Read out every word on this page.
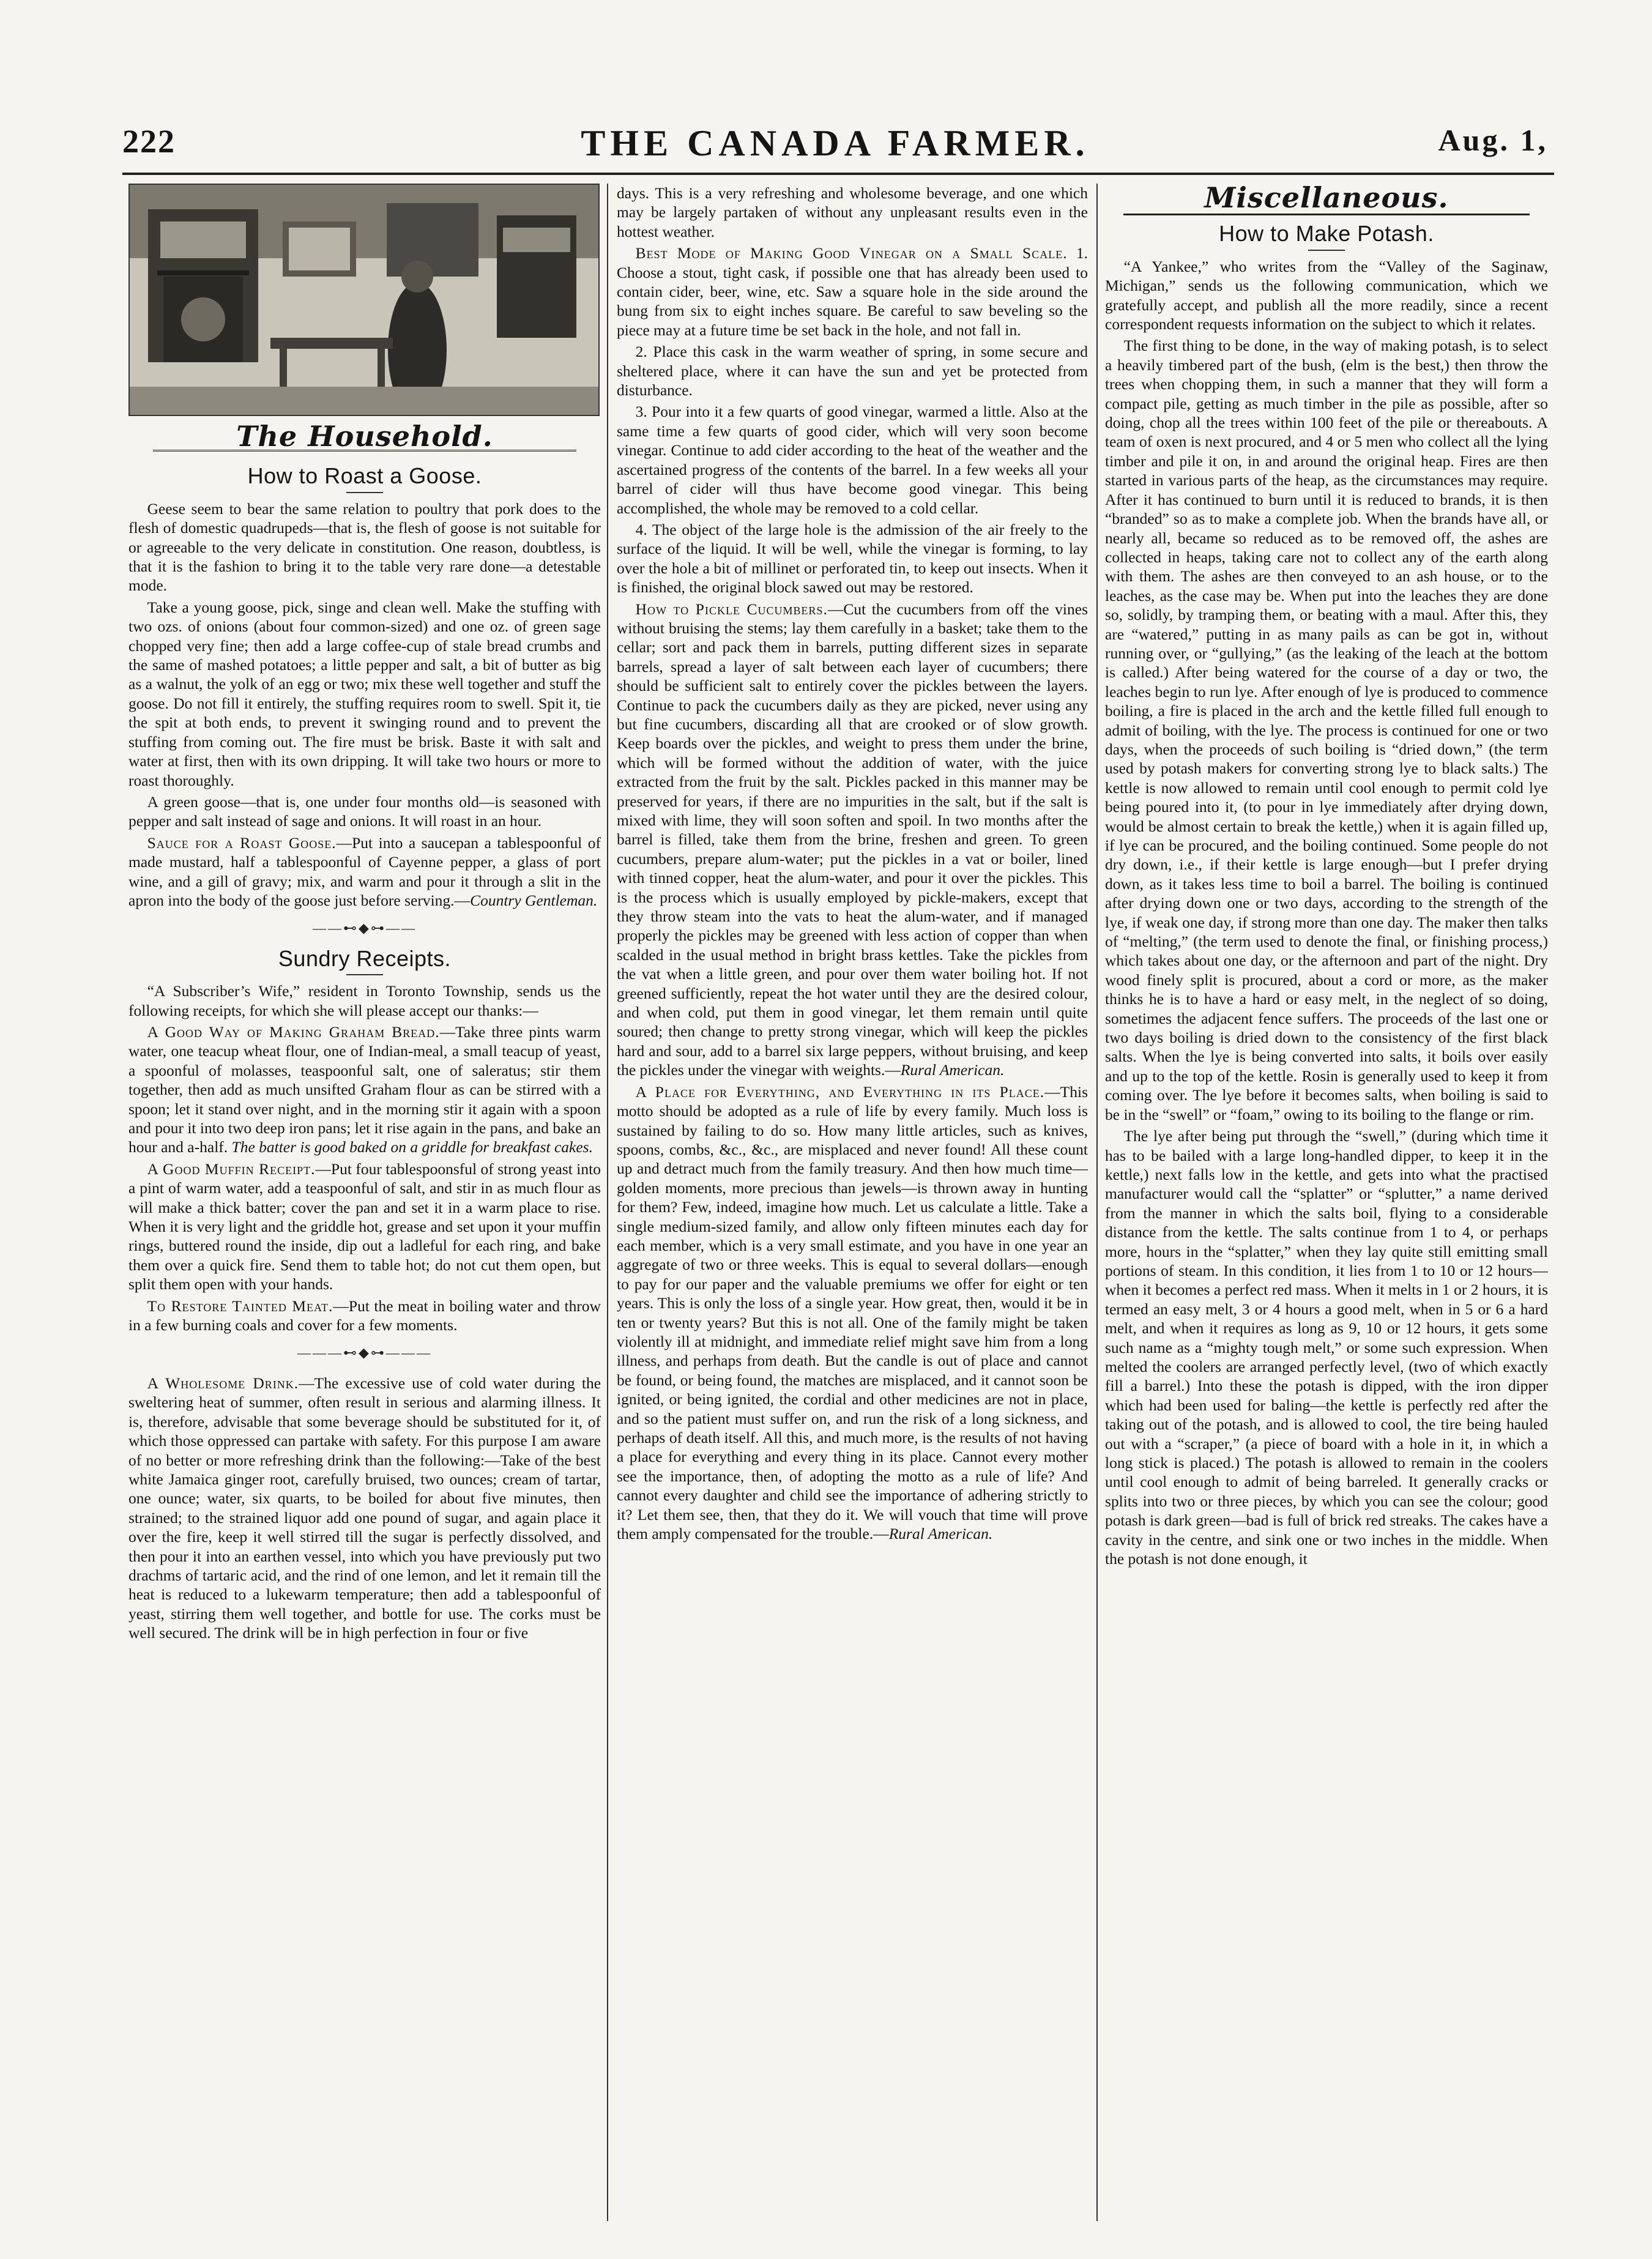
THE CANADA FARMER.
222	Aug. 1,
The Household.
How to Roast a Goose.

Geese seem to bear the same relation to poultry that pork does to the flesh of domestic quadrupeds—that is, the flesh of goose is not suitable for or agreeable to the very delicate in constitution. One reason, doubtless, is that it is the fashion to bring it to the table very rare done—a detestable mode.

Take a young goose, pick, singe and clean well. Make the stuffing with two ozs. of onions (about four common-sized) and one oz. of green sage chopped very fine; then add a large coffee-cup of stale bread crumbs and the same of mashed potatoes; a little pepper and salt, a bit of butter as big as a walnut, the yolk of an egg or two; mix these well together and stuff the goose. Do not fill it entirely, the stuffing requires room to swell. Spit it, tie the spit at both ends, to prevent it swinging round and to prevent the stuffing from coming out. The fire must be brisk. Baste it with salt and water at first, then with its own dripping. It will take two hours or more to roast thoroughly.

A green goose—that is, one under four months old—is seasoned with pepper and salt instead of sage and onions. It will roast in an hour.

Sauce for a Roast Goose.—Put into a saucepan a tablespoonful of made mustard, half a tablespoonful of Cayenne pepper, a glass of port wine, and a gill of gravy; mix, and warm and pour it through a slit in the apron into the body of the goose just before serving.—Country Gentleman.

——⊷◆⊶——
Sundry Receipts.

“A Subscriber’s Wife,” resident in Toronto Township, sends us the following receipts, for which she will please accept our thanks:—

A Good Way of Making Graham Bread.—Take three pints warm water, one teacup wheat flour, one of Indian-meal, a small teacup of yeast, a spoonful of molasses, teaspoonful salt, one of saleratus; stir them together, then add as much unsifted Graham flour as can be stirred with a spoon; let it stand over night, and in the morning stir it again with a spoon and pour it into two deep iron pans; let it rise again in the pans, and bake an hour and a-half. The batter is good baked on a griddle for breakfast cakes.

A Good Muffin Receipt.—Put four tablespoonsful of strong yeast into a pint of warm water, add a teaspoonful of salt, and stir in as much flour as will make a thick batter; cover the pan and set it in a warm place to rise. When it is very light and the griddle hot, grease and set upon it your muffin rings, buttered round the inside, dip out a ladleful for each ring, and bake them over a quick fire. Send them to table hot; do not cut them open, but split them open with your hands.

To Restore Tainted Meat.—Put the meat in boiling water and throw in a few burning coals and cover for a few moments.

———⊷◆⊶———

A Wholesome Drink.—The excessive use of cold water during the sweltering heat of summer, often result in serious and alarming illness. It is, therefore, advisable that some beverage should be substituted for it, of which those oppressed can partake with safety. For this purpose I am aware of no better or more refreshing drink than the following:—Take of the best white Jamaica ginger root, carefully bruised, two ounces; cream of tartar, one ounce; water, six quarts, to be boiled for about five minutes, then strained; to the strained liquor add one pound of sugar, and again place it over the fire, keep it well stirred till the sugar is perfectly dissolved, and then pour it into an earthen vessel, into which you have previously put two drachms of tartaric acid, and the rind of one lemon, and let it remain till the heat is reduced to a lukewarm temperature; then add a tablespoonful of yeast, stirring them well together, and bottle for use. The corks must be well secured. The drink will be in high perfection in four or five

days. This is a very refreshing and wholesome beverage, and one which may be largely partaken of without any unpleasant results even in the hottest weather.

Best Mode of Making Good Vinegar on a Small Scale. 1. Choose a stout, tight cask, if possible one that has already been used to contain cider, beer, wine, etc. Saw a square hole in the side around the bung from six to eight inches square. Be careful to saw beveling so the piece may at a future time be set back in the hole, and not fall in.

2. Place this cask in the warm weather of spring, in some secure and sheltered place, where it can have the sun and yet be protected from disturbance.

3. Pour into it a few quarts of good vinegar, warmed a little. Also at the same time a few quarts of good cider, which will very soon become vinegar. Continue to add cider according to the heat of the weather and the ascertained progress of the contents of the barrel. In a few weeks all your barrel of cider will thus have become good vinegar. This being accomplished, the whole may be removed to a cold cellar.

4. The object of the large hole is the admission of the air freely to the surface of the liquid. It will be well, while the vinegar is forming, to lay over the hole a bit of millinet or perforated tin, to keep out insects. When it is finished, the original block sawed out may be restored.

How to Pickle Cucumbers.—Cut the cucumbers from off the vines without bruising the stems; lay them carefully in a basket; take them to the cellar; sort and pack them in barrels, putting different sizes in separate barrels, spread a layer of salt between each layer of cucumbers; there should be sufficient salt to entirely cover the pickles between the layers. Continue to pack the cucumbers daily as they are picked, never using any but fine cucumbers, discarding all that are crooked or of slow growth. Keep boards over the pickles, and weight to press them under the brine, which will be formed without the addition of water, with the juice extracted from the fruit by the salt. Pickles packed in this manner may be preserved for years, if there are no impurities in the salt, but if the salt is mixed with lime, they will soon soften and spoil. In two months after the barrel is filled, take them from the brine, freshen and green. To green cucumbers, prepare alum-water; put the pickles in a vat or boiler, lined with tinned copper, heat the alum-water, and pour it over the pickles. This is the process which is usually employed by pickle-makers, except that they throw steam into the vats to heat the alum-water, and if managed properly the pickles may be greened with less action of copper than when scalded in the usual method in bright brass kettles. Take the pickles from the vat when a little green, and pour over them water boiling hot. If not greened sufficiently, repeat the hot water until they are the desired colour, and when cold, put them in good vinegar, let them remain until quite soured; then change to pretty strong vinegar, which will keep the pickles hard and sour, add to a barrel six large peppers, without bruising, and keep the pickles under the vinegar with weights.—Rural American.

A Place for Everything, and Everything in its Place.—This motto should be adopted as a rule of life by every family. Much loss is sustained by failing to do so. How many little articles, such as knives, spoons, combs, &c., &c., are misplaced and never found! All these count up and detract much from the family treasury. And then how much time—golden moments, more precious than jewels—is thrown away in hunting for them? Few, indeed, imagine how much. Let us calculate a little. Take a single medium-sized family, and allow only fifteen minutes each day for each member, which is a very small estimate, and you have in one year an aggregate of two or three weeks. This is equal to several dollars—enough to pay for our paper and the valuable premiums we offer for eight or ten years. This is only the loss of a single year. How great, then, would it be in ten or twenty years? But this is not all. One of the family might be taken violently ill at midnight, and immediate relief might save him from a long illness, and perhaps from death. But the candle is out of place and cannot be found, or being found, the matches are misplaced, and it cannot soon be ignited, or being ignited, the cordial and other medicines are not in place, and so the patient must suffer on, and run the risk of a long sickness, and perhaps of death itself. All this, and much more, is the results of not having a place for everything and every thing in its place. Cannot every mother see the importance, then, of adopting the motto as a rule of life? And cannot every daughter and child see the importance of adhering strictly to it? Let them see, then, that they do it. We will vouch that time will prove them amply compensated for the trouble.—Rural American.

Miscellaneous.
How to Make Potash.

“A Yankee,” who writes from the “Valley of the Saginaw, Michigan,” sends us the following communication, which we gratefully accept, and publish all the more readily, since a recent correspondent requests information on the subject to which it relates.

The first thing to be done, in the way of making potash, is to select a heavily timbered part of the bush, (elm is the best,) then throw the trees when chopping them, in such a manner that they will form a compact pile, getting as much timber in the pile as possible, after so doing, chop all the trees within 100 feet of the pile or thereabouts. A team of oxen is next procured, and 4 or 5 men who collect all the lying timber and pile it on, in and around the original heap. Fires are then started in various parts of the heap, as the circumstances may require. After it has continued to burn until it is reduced to brands, it is then “branded” so as to make a complete job. When the brands have all, or nearly all, became so reduced as to be removed off, the ashes are collected in heaps, taking care not to collect any of the earth along with them. The ashes are then conveyed to an ash house, or to the leaches, as the case may be. When put into the leaches they are done so, solidly, by tramping them, or beating with a maul. After this, they are “watered,” putting in as many pails as can be got in, without running over, or “gullying,” (as the leaking of the leach at the bottom is called.) After being watered for the course of a day or two, the leaches begin to run lye. After enough of lye is produced to commence boiling, a fire is placed in the arch and the kettle filled full enough to admit of boiling, with the lye. The process is continued for one or two days, when the proceeds of such boiling is “dried down,” (the term used by potash makers for converting strong lye to black salts.) The kettle is now allowed to remain until cool enough to permit cold lye being poured into it, (to pour in lye immediately after drying down, would be almost certain to break the kettle,) when it is again filled up, if lye can be procured, and the boiling continued. Some people do not dry down, i.e., if their kettle is large enough—but I prefer drying down, as it takes less time to boil a barrel. The boiling is continued after drying down one or two days, according to the strength of the lye, if weak one day, if strong more than one day. The maker then talks of “melting,” (the term used to denote the final, or finishing process,) which takes about one day, or the afternoon and part of the night. Dry wood finely split is procured, about a cord or more, as the maker thinks he is to have a hard or easy melt, in the neglect of so doing, sometimes the adjacent fence suffers. The proceeds of the last one or two days boiling is dried down to the consistency of the first black salts. When the lye is being converted into salts, it boils over easily and up to the top of the kettle. Rosin is generally used to keep it from coming over. The lye before it becomes salts, when boiling is said to be in the “swell” or “foam,” owing to its boiling to the flange or rim.

The lye after being put through the “swell,” (during which time it has to be bailed with a large long-handled dipper, to keep it in the kettle,) next falls low in the kettle, and gets into what the practised manufacturer would call the “splatter” or “splutter,” a name derived from the manner in which the salts boil, flying to a considerable distance from the kettle. The salts continue from 1 to 4, or perhaps more, hours in the “splatter,” when they lay quite still emitting small portions of steam. In this condition, it lies from 1 to 10 or 12 hours—when it becomes a perfect red mass. When it melts in 1 or 2 hours, it is termed an easy melt, 3 or 4 hours a good melt, when in 5 or 6 a hard melt, and when it requires as long as 9, 10 or 12 hours, it gets some such name as a “mighty tough melt,” or some such expression. When melted the coolers are arranged perfectly level, (two of which exactly fill a barrel.) Into these the potash is dipped, with the iron dipper which had been used for baling—the kettle is perfectly red after the taking out of the potash, and is allowed to cool, the tire being hauled out with a “scraper,” (a piece of board with a hole in it, in which a long stick is placed.) The potash is allowed to remain in the coolers until cool enough to admit of being barreled. It generally cracks or splits into two or three pieces, by which you can see the colour; good potash is dark green—bad is full of brick red streaks. The cakes have a cavity in the centre, and sink one or two inches in the middle. When the potash is not done enough, it
